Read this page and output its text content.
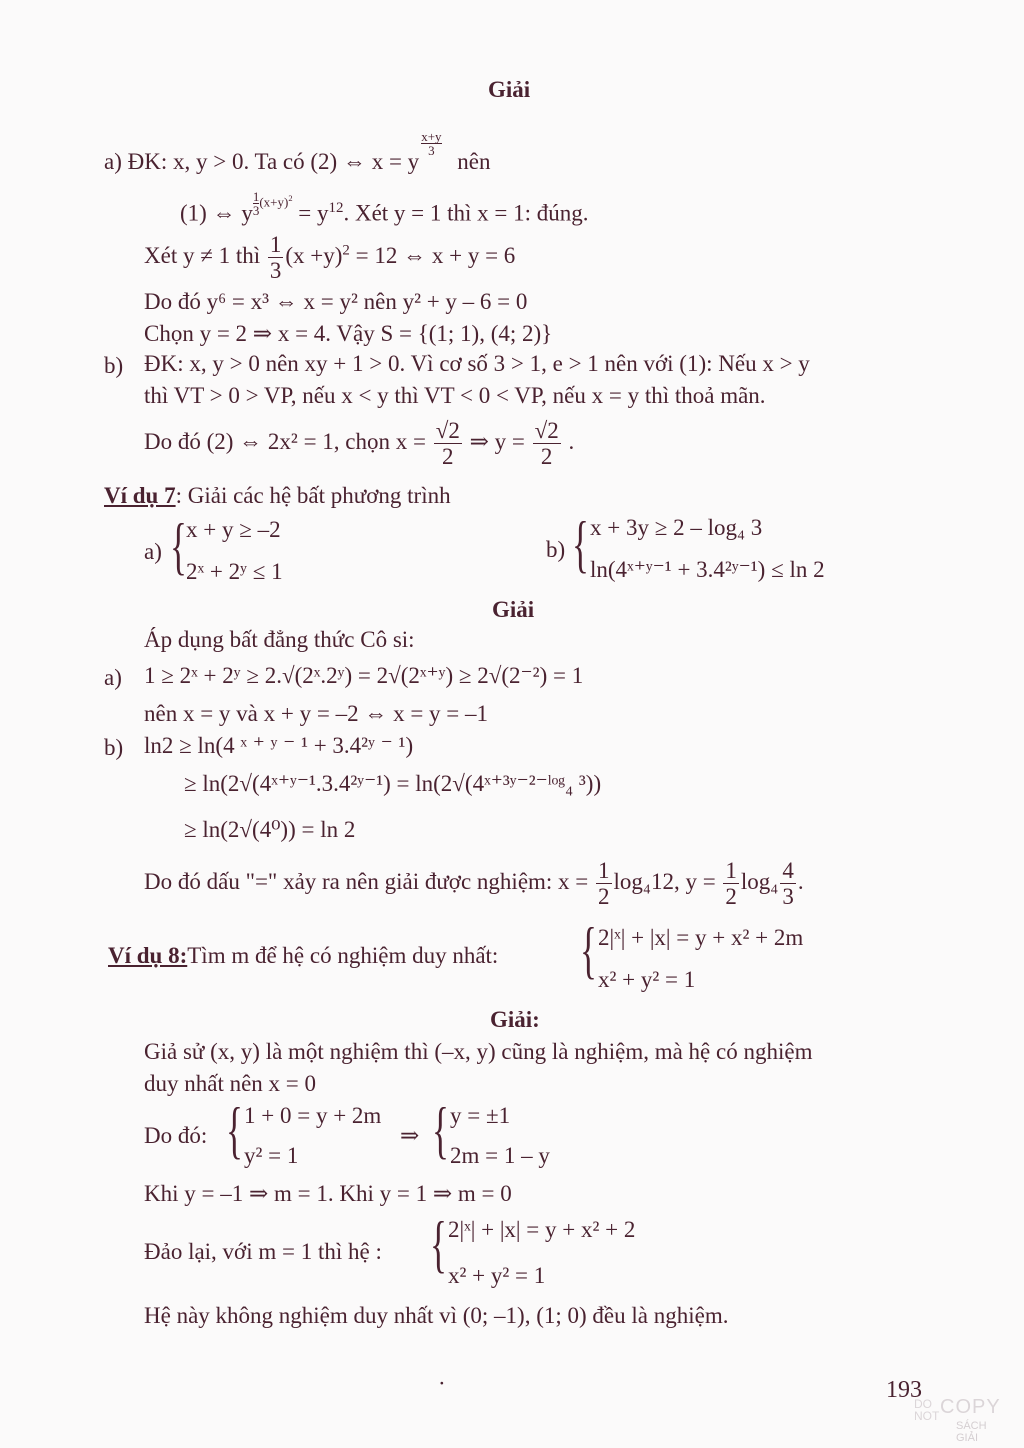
Giải
a) ĐK: x, y > 0. Ta có (2) ⇔ x = y
$\frac{x+y}{3}$
nên
(1) ⇔ y $\frac{1}{3} (x+y)^2 = y^{12}$. Xét y = 1 thì x = 1: đúng.
Xét y ≠ 1 thì $\frac{1}{3} (x +y)^2 = 12$ ⇔ x + y = 6
Do đó y⁶ = x³ ⇔ x = y² nên y² + y – 6 = 0
Chọn y = 2 ⇒ x = 4. Vậy S = {(1; 1), (4; 2)}
b) ĐK: x, y > 0 nên xy + 1 > 0. Vì cơ số 3 > 1, e > 1 nên với (1): Nếu x > y
thì VT > 0 > VP, nếu x < y thì VT < 0 < VP, nếu x = y thì thoả mãn.
Do đó (2) ⇔ 2x² = 1, chọn $x = \frac{√2}{2}$ ⇒ $y = \frac{√2}{2}$ .
Ví dụ 7: Giải các hệ bất phương trình
a) { x + y ≥ –2
2ˣ + 2ʸ ≤ 1
b) { x + 3y ≥ 2 – log₄ 3
ln(4ˣ⁺ʸ⁻¹ + 3.4²ʸ⁻¹) ≤ ln 2
Giải
Áp dụng bất đẳng thức Cô si:
a) 1 ≥ 2ˣ + 2ʸ ≥ 2.√(2ˣ.2ʸ) = 2√(2ˣ⁺ʸ) ≥ 2√(2⁻²) = 1
nên x = y và x + y = –2 ⇔ x = y = –1
b) ln2 ≥ ln(4 ˣ ⁺ ʸ ⁻ ¹ + 3.4²ʸ ⁻ ¹)
≥ ln(2√(4ˣ⁺ʸ⁻¹.3.4²ʸ⁻¹) = ln(2√(4ˣ⁺³ʸ⁻²⁻ˡᵒᵍ₄ ³))
≥ ln(2√(4⁰)) = ln 2
Do đó dấu "=" xảy ra nên giải được nghiệm: $x = \frac{1}{2} \log_412$, $y = \frac{1}{2} \log_4 \frac{4}{3}$ .
Ví dụ 8:Tìm m để hệ có nghiệm duy nhất: { 2|ˣ| + |x| = y + x² + 2m
x² + y² = 1
Giải:
Giả sử (x, y) là một nghiệm thì (–x, y) cũng là nghiệm, mà hệ có nghiệm
duy nhất nên x = 0
Do đó: { 1 + 0 = y + 2m
y² = 1
⇒ { y = ±1
2m = 1 – y
Khi y = –1 ⇒ m = 1. Khi y = 1 ⇒ m = 0
Đảo lại, với m = 1 thì hệ : { 2|ˣ| + |x| = y + x² + 2
x² + y² = 1
Hệ này không nghiệm duy nhất vì (0; –1), (1; 0) đều là nghiệm.
·	193
DO
NOT COPY
SÁCH GIẢI
